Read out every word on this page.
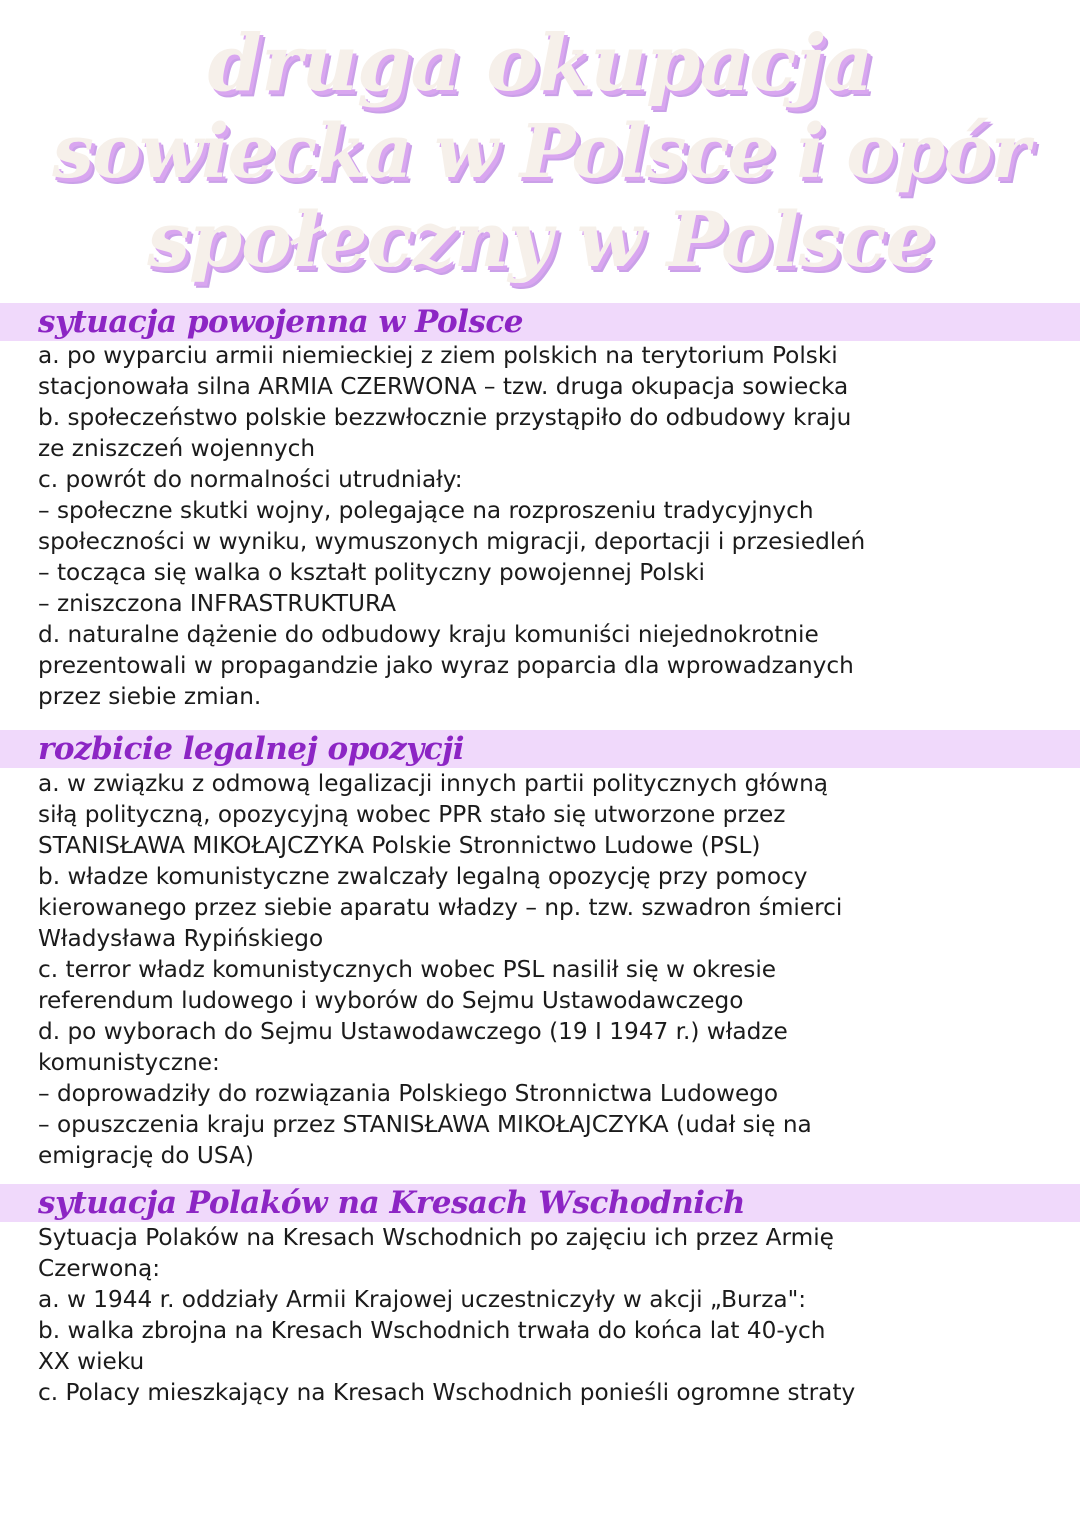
druga okupacja
sowiecka w Polsce i opór
społeczny w Polsce
sytuacja powojenna w Polsce
a. po wyparciu armii niemieckiej z ziem polskich na terytorium Polski
stacjonowała silna ARMIA CZERWONA – tzw. druga okupacja sowiecka
b. społeczeństwo polskie bezzwłocznie przystąpiło do odbudowy kraju
ze zniszczeń wojennych
c. powrót do normalności utrudniały:
– społeczne skutki wojny, polegające na rozproszeniu tradycyjnych
społeczności w wyniku, wymuszonych migracji, deportacji i przesiedleń
– tocząca się walka o kształt polityczny powojennej Polski
– zniszczona INFRASTRUKTURA
d. naturalne dążenie do odbudowy kraju komuniści niejednokrotnie
prezentowali w propagandzie jako wyraz poparcia dla wprowadzanych
przez siebie zmian.
rozbicie legalnej opozycji
a. w związku z odmową legalizacji innych partii politycznych główną
siłą polityczną, opozycyjną wobec PPR stało się utworzone przez
STANISŁAWA MIKOŁAJCZYKA Polskie Stronnictwo Ludowe (PSL)
b. władze komunistyczne zwalczały legalną opozycję przy pomocy
kierowanego przez siebie aparatu władzy – np. tzw. szwadron śmierci
Władysława Rypińskiego
c. terror władz komunistycznych wobec PSL nasilił się w okresie
referendum ludowego i wyborów do Sejmu Ustawodawczego
d. po wyborach do Sejmu Ustawodawczego (19 I 1947 r.) władze
komunistyczne:
– doprowadziły do rozwiązania Polskiego Stronnictwa Ludowego
– opuszczenia kraju przez STANISŁAWA MIKOŁAJCZYKA (udał się na
emigrację do USA)
sytuacja Polaków na Kresach Wschodnich
Sytuacja Polaków na Kresach Wschodnich po zajęciu ich przez Armię
Czerwoną:
a. w 1944 r. oddziały Armii Krajowej uczestniczyły w akcji „Burza":
b. walka zbrojna na Kresach Wschodnich trwała do końca lat 40-ych
XX wieku
c. Polacy mieszkający na Kresach Wschodnich ponieśli ogromne straty
